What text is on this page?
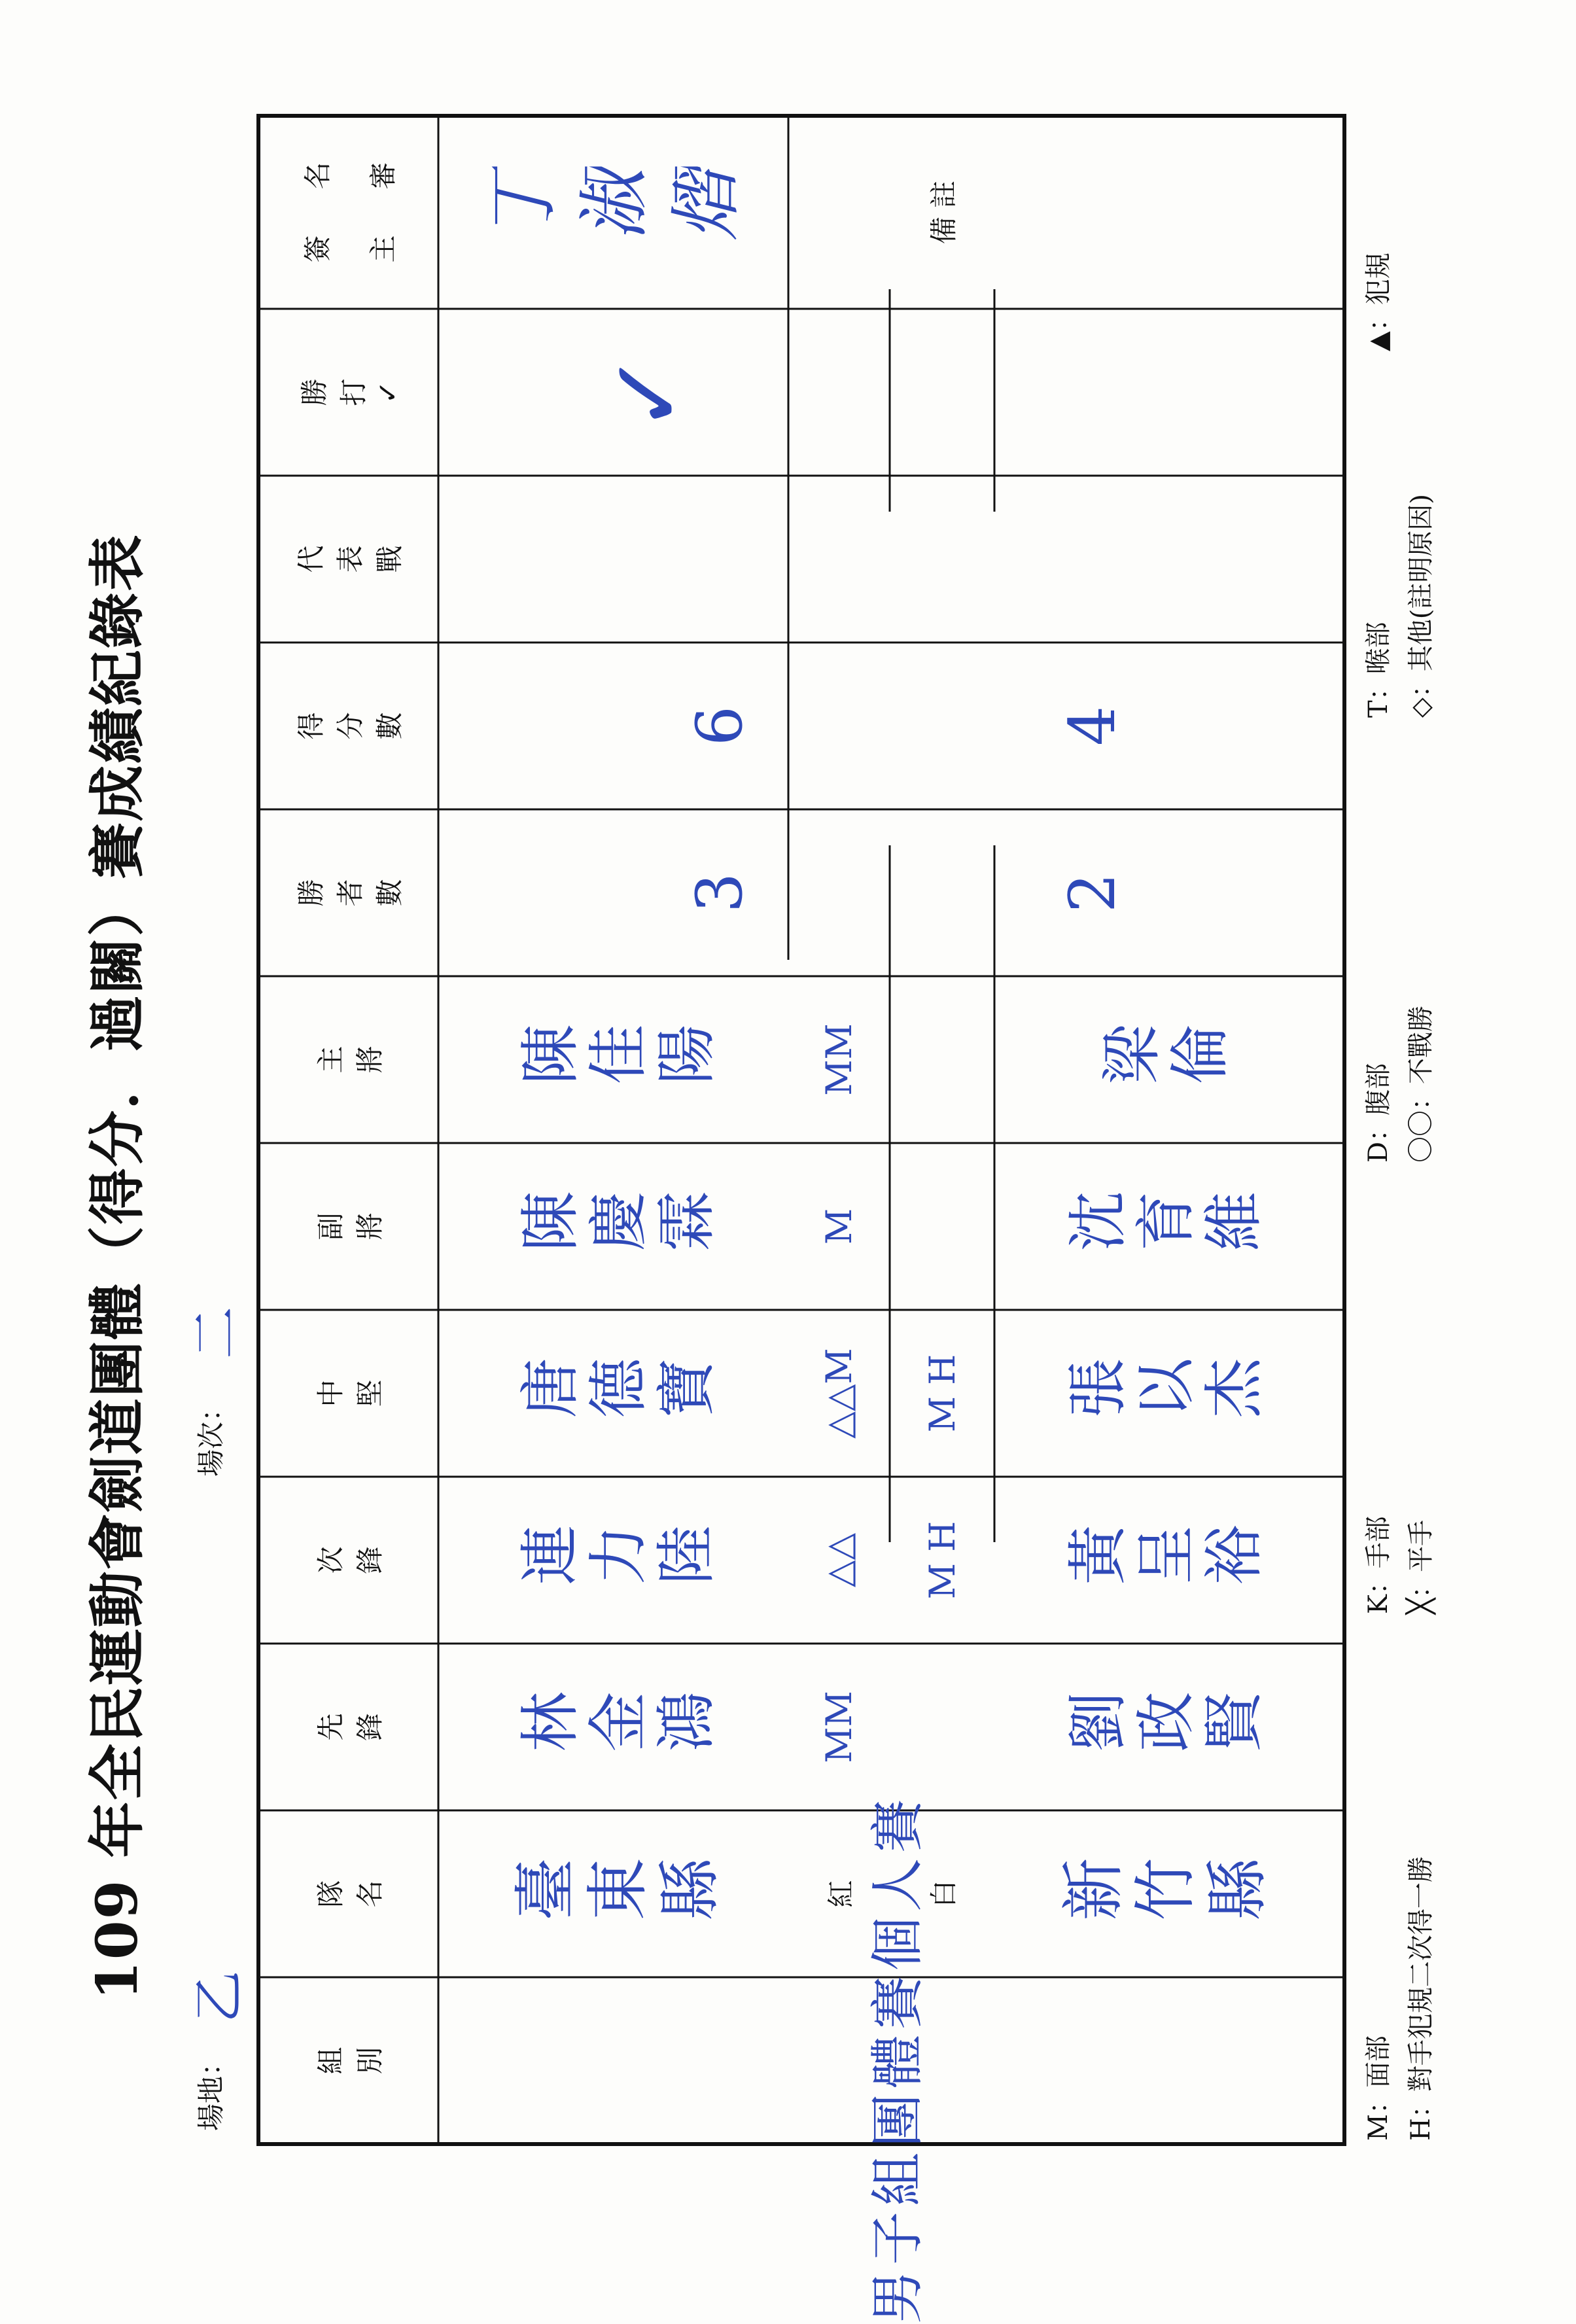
109 年全民運動會劍道團體（得分．過關）賽成績紀錄表
場地：
乙
場次：
二
組 別
隊 名
先 鋒
次 鋒
中 堅
副 將
主 將
勝 者 數
得 分 數
代 表 戰
勝 打 ✓
簽
名
主
審
男子組團體賽個人賽
臺東縣	紅	白 新竹縣
林金鴻
連力陸
唐德寶
陳慶霖
陳佳陽
MM
△△
△△M
M
MM
M H
M H
劉政賢
黃呈裕
張以杰
沈育維
梁倫
3
6
2
4
✓
備 註
丁淑熠
M：面部 H：對手犯規二次得一勝
K：手部 ╳：平手
D：腹部 〇〇：不戰勝
T：喉部 ◇：其他(註明原因)
▲：犯規
